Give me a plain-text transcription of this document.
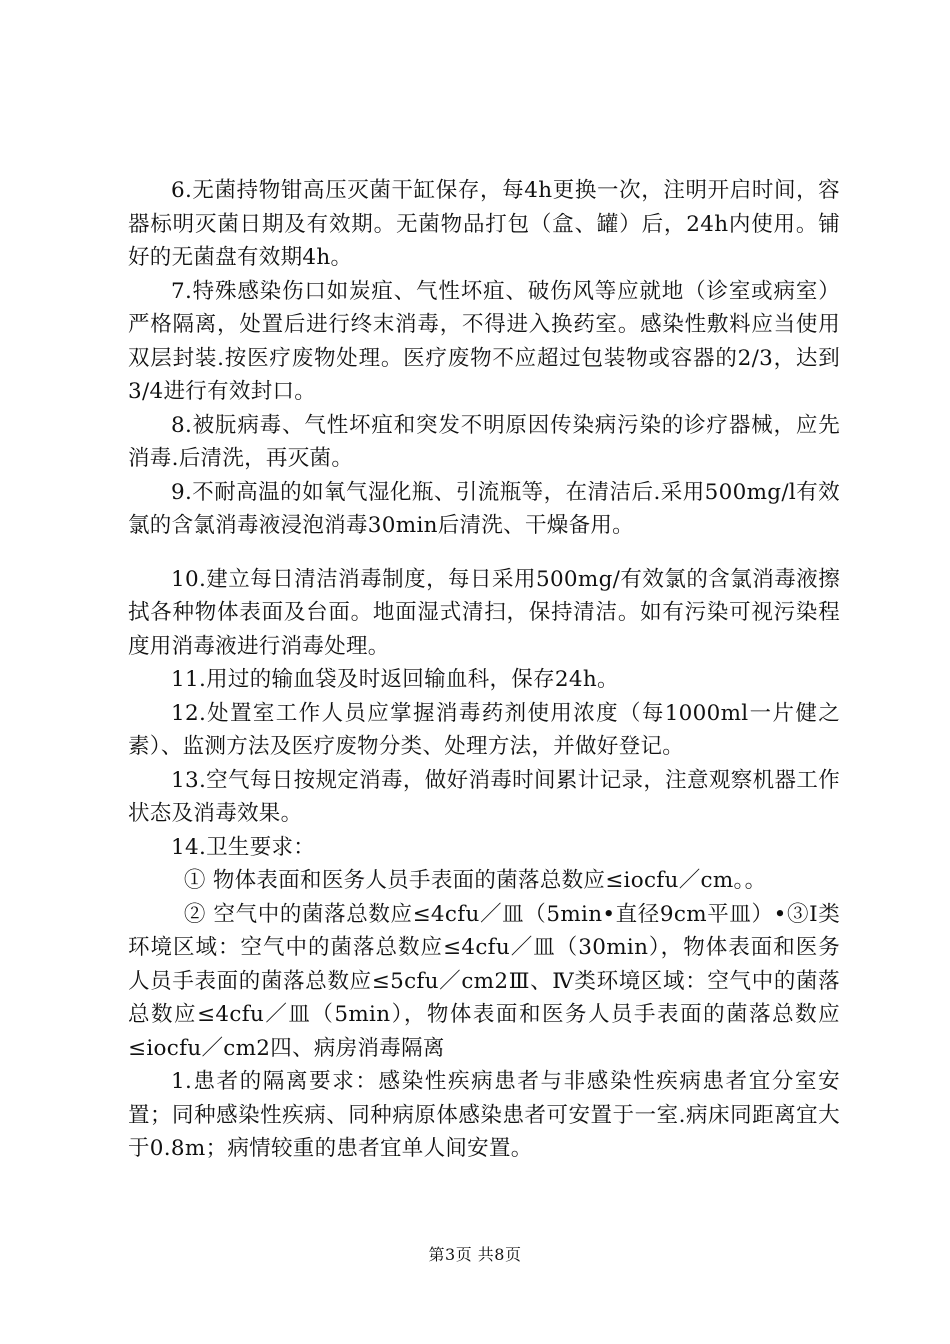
6.无菌持物钳高压灭菌干缸保存，每4h更换一次，注明开启时间，容器标明灭菌日期及有效期。无菌物品打包（盒、罐）后，24h内使用。铺好的无菌盘有效期4h。

7.特殊感染伤口如炭疽、气性坏疽、破伤风等应就地（诊室或病室）严格隔离，处置后进行终末消毒，不得进入换药室。感染性敷料应当使用双层封装.按医疗废物处理。医疗废物不应超过包装物或容器的2/3，达到3/4进行有效封口。

8.被朊病毒、气性坏疽和突发不明原因传染病污染的诊疗器械，应先消毒.后清洗，再灭菌。

9.不耐高温的如氧气湿化瓶、引流瓶等，在清洁后.采用500mg/l有效氯的含氯消毒液浸泡消毒30min后清洗、干燥备用。

10.建立每日清洁消毒制度，每日采用500mg/有效氯的含氯消毒液擦拭各种物体表面及台面。地面湿式清扫，保持清洁。如有污染可视污染程度用消毒液进行消毒处理。

11.用过的输血袋及时返回输血科，保存24h。

12.处置室工作人员应掌握消毒药剂使用浓度（每1000ml一片健之素）、监测方法及医疗废物分类、处理方法，并做好登记。

13.空气每日按规定消毒，做好消毒时间累计记录，注意观察机器工作状态及消毒效果。

14.卫生要求：

① 物体表面和医务人员手表面的菌落总数应≤iocfu／cm。。

② 空气中的菌落总数应≤4cfu／皿（5min•直径9cm平皿）•③Ⅰ类环境区域：空气中的菌落总数应≤4cfu／皿（30min），物体表面和医务人员手表面的菌落总数应≤5cfu／cm2Ⅲ、Ⅳ类环境区域：空气中的菌落总数应≤4cfu／皿（5min），物体表面和医务人员手表面的菌落总数应≤iocfu／cm2四、病房消毒隔离

1.患者的隔离要求：感染性疾病患者与非感染性疾病患者宜分室安置；同种感染性疾病、同种病原体感染患者可安置于一室.病床同距离宜大于0.8m；病情较重的患者宜单人间安置。

第3页 共8页
